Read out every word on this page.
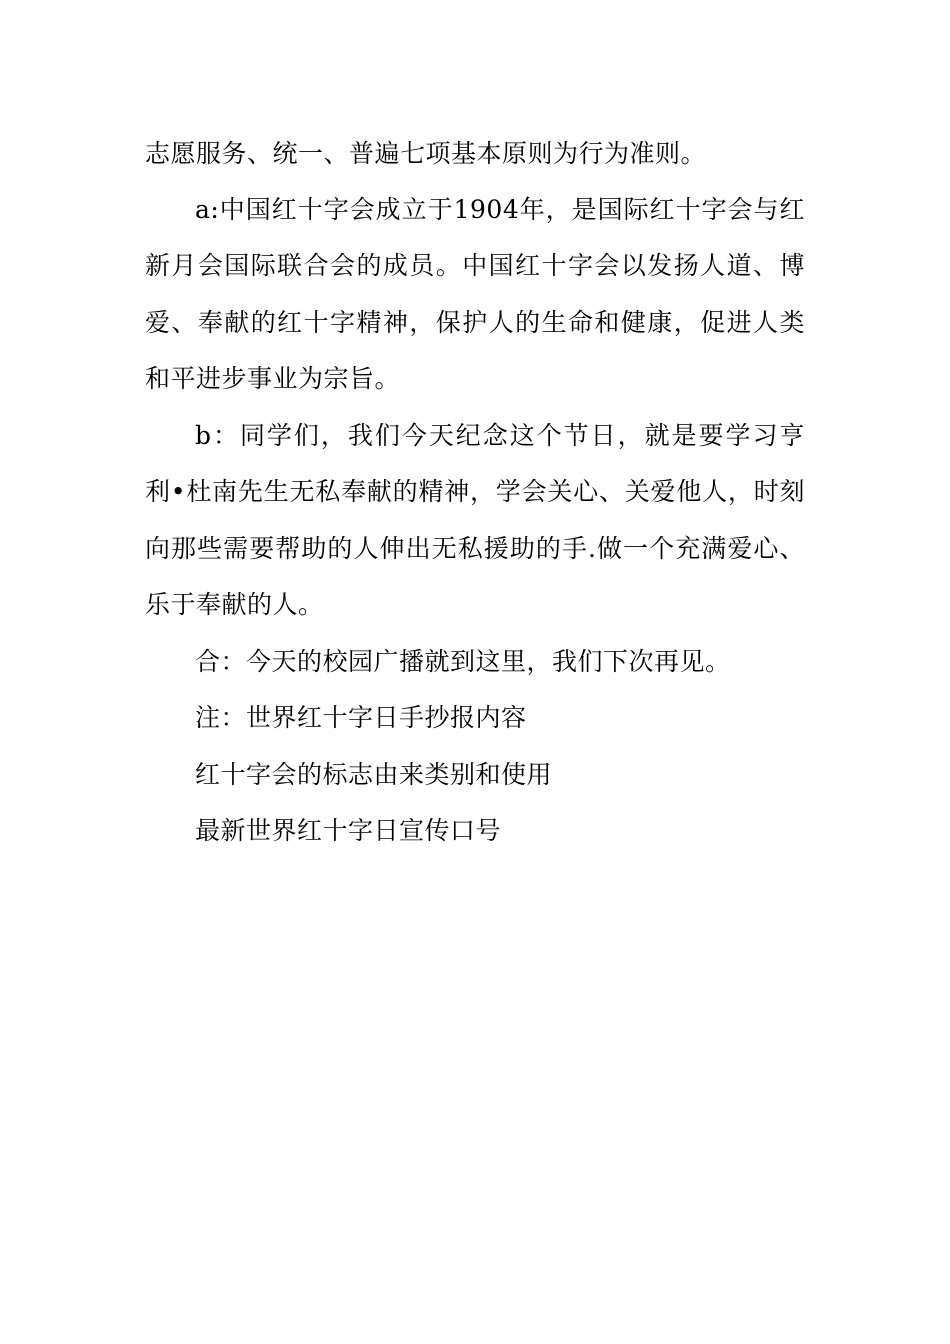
志愿服务、统一、普遍七项基本原则为行为准则。
a:中国红十字会成立于1904年，是国际红十字会与红
新月会国际联合会的成员。中国红十字会以发扬人道、博
爱、奉献的红十字精神，保护人的生命和健康，促进人类
和平进步事业为宗旨。
b：同学们，我们今天纪念这个节日，就是要学习亨
利•杜南先生无私奉献的精神，学会关心、关爱他人，时刻
向那些需要帮助的人伸出无私援助的手.做一个充满爱心、
乐于奉献的人。
合：今天的校园广播就到这里，我们下次再见。
注：世界红十字日手抄报内容
红十字会的标志由来类别和使用
最新世界红十字日宣传口号
